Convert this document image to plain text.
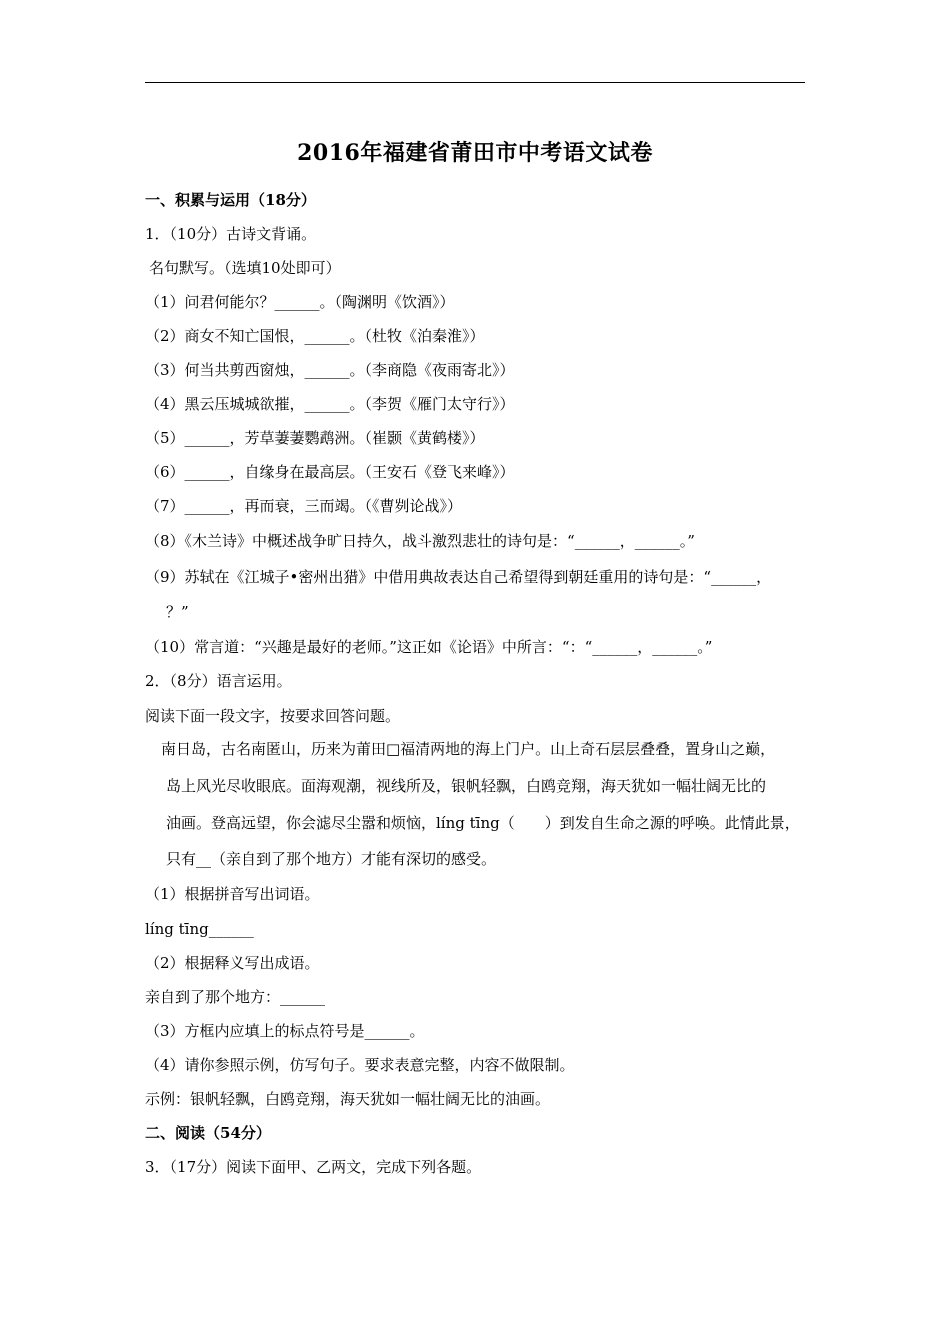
2016年福建省莆田市中考语文试卷
一、积累与运用（18分）
1．（10分）古诗文背诵。
名句默写。（选填10处即可）
（1）问君何能尔？______。（陶渊明《饮酒》）
（2）商女不知亡国恨，______。（杜牧《泊秦淮》）
（3）何当共剪西窗烛，______。（李商隐《夜雨寄北》）
（4）黑云压城城欲摧，______。（李贺《雁门太守行》）
（5）______，芳草萋萋鹦鹉洲。（崔颢《黄鹤楼》）
（6）______，自缘身在最高层。（王安石《登飞来峰》）
（7）______，再而衰，三而竭。（《曹刿论战》）
（8）《木兰诗》中概述战争旷日持久，战斗激烈悲壮的诗句是：“______，______。”
（9）苏轼在《江城子•密州出猎》中借用典故表达自己希望得到朝廷重用的诗句是：“______，
？”
（10）常言道：“兴趣是最好的老师。”这正如《论语》中所言：“：“______，______。”
2．（8分）语言运用。
阅读下面一段文字，按要求回答问题。
南日岛，古名南匿山，历来为莆田□福清两地的海上门户。山上奇石层层叠叠，置身山之巅，
岛上风光尽收眼底。面海观潮，视线所及，银帆轻飘，白鸥竞翔，海天犹如一幅壮阔无比的
油画。登高远望，你会滤尽尘嚣和烦恼，líng tīng（　　）到发自生命之源的呼唤。此情此景，
只有__（亲自到了那个地方）才能有深切的感受。
（1）根据拼音写出词语。
líng tīng______
（2）根据释义写出成语。
亲自到了那个地方：______
（3）方框内应填上的标点符号是______。
（4）请你参照示例，仿写句子。要求表意完整，内容不做限制。
示例：银帆轻飘，白鸥竞翔，海天犹如一幅壮阔无比的油画。
二、阅读（54分）
3．（17分）阅读下面甲、乙两文，完成下列各题。
